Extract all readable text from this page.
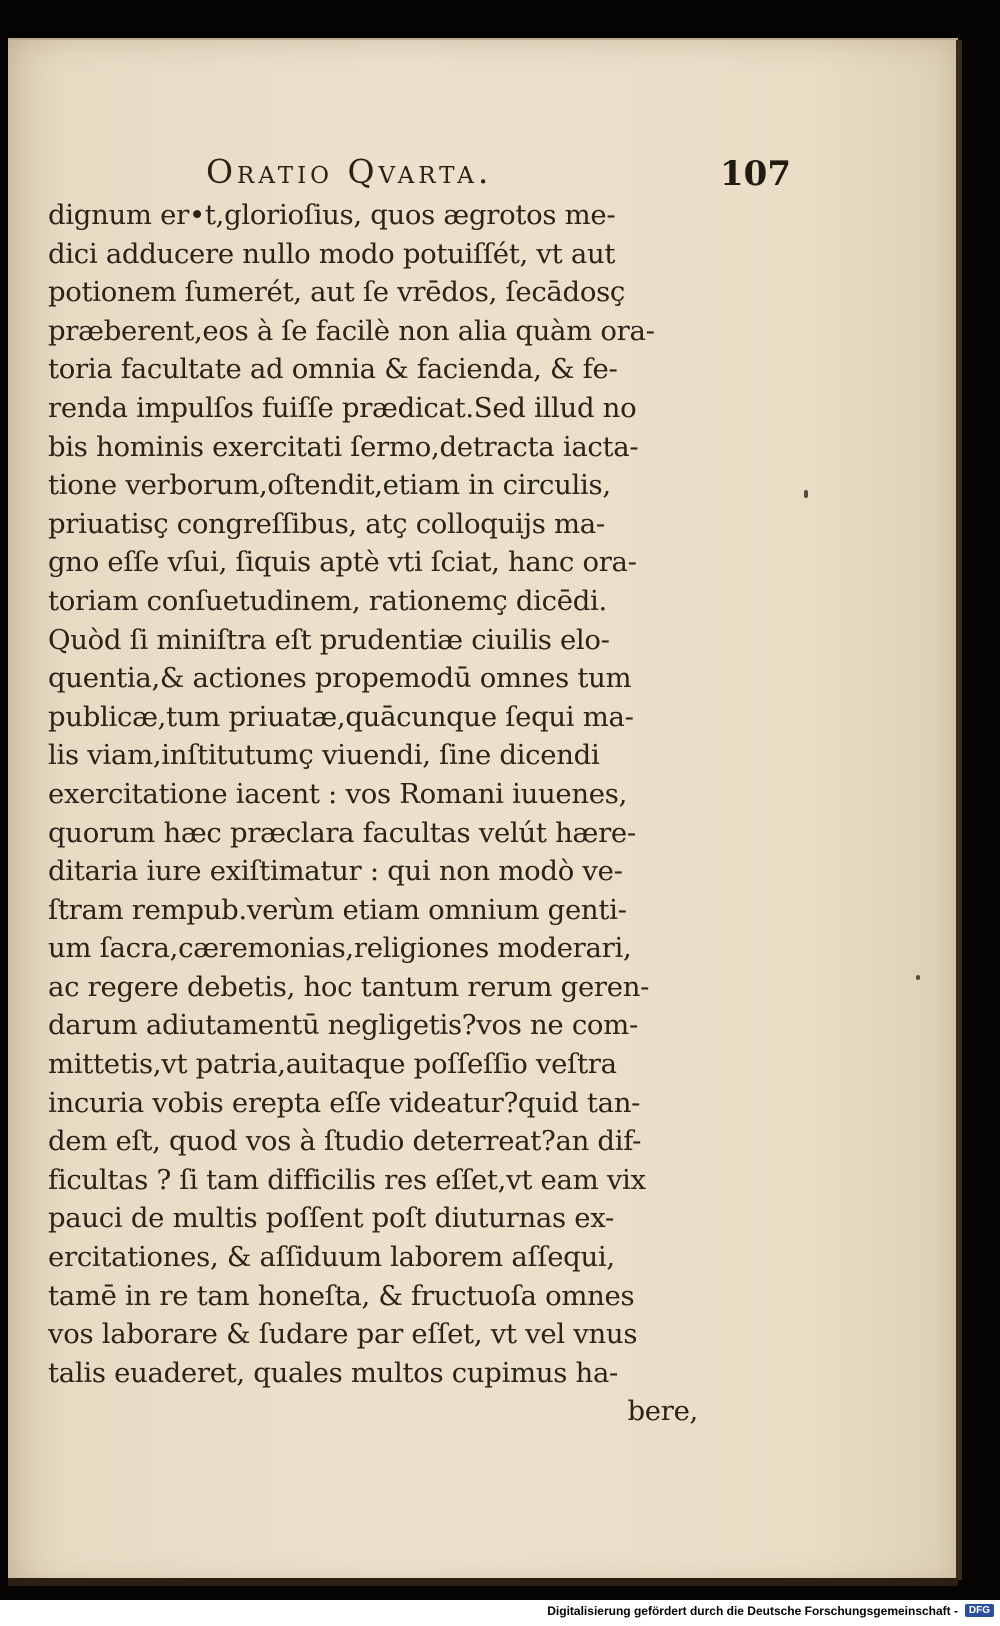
Oratio Qvarta.	107
dignum er•t,glorioſius, quos ægrotos me-
dici adducere nullo modo potuiſſét, vt aut
potionem ſumerét, aut ſe vrēdos, ſecādosç
præberent,eos à ſe facilè non alia quàm ora-
toria facultate ad omnia & facienda, & fe-
renda impulſos fuiſſe prædicat.Sed illud no
bis hominis exercitati ſermo,detracta iacta-
tione verborum,oſtendit,etiam in circulis,
priuatisç congreſſibus, atç colloquijs ma-
gno eſſe vſui, ſiquis aptè vti ſciat, hanc ora-
toriam conſuetudinem, rationemç dicēdi.
Quòd ſi miniſtra eſt prudentiæ ciuilis elo-
quentia,& actiones propemodū omnes tum
publicæ,tum priuatæ,quācunque ſequi ma-
lis viam,inſtitutumç viuendi, ſine dicendi
exercitatione iacent : vos Romani iuuenes,
quorum hæc præclara facultas velút hære-
ditaria iure exiſtimatur : qui non modò ve-
ſtram rempub.verùm etiam omnium genti-
um ſacra,cæremonias,religiones moderari,
ac regere debetis, hoc tantum rerum geren-
darum adiutamentū negligetis?vos ne com-
mittetis,vt patria,auitaque poſſeſſio veſtra
incuria vobis erepta eſſe videatur?quid tan-
dem eſt, quod vos à ſtudio deterreat?an dif-
ficultas ? ſi tam difficilis res eſſet,vt eam vix
pauci de multis poſſent poſt diuturnas ex-
ercitationes, & aſſiduum laborem aſſequi,
tamē in re tam honeſta, & fructuoſa omnes
vos laborare & ſudare par eſſet, vt vel vnus
talis euaderet, quales multos cupimus ha-
bere,
Digitalisierung gefördert durch die Deutsche Forschungsgemeinschaft -	DFG
